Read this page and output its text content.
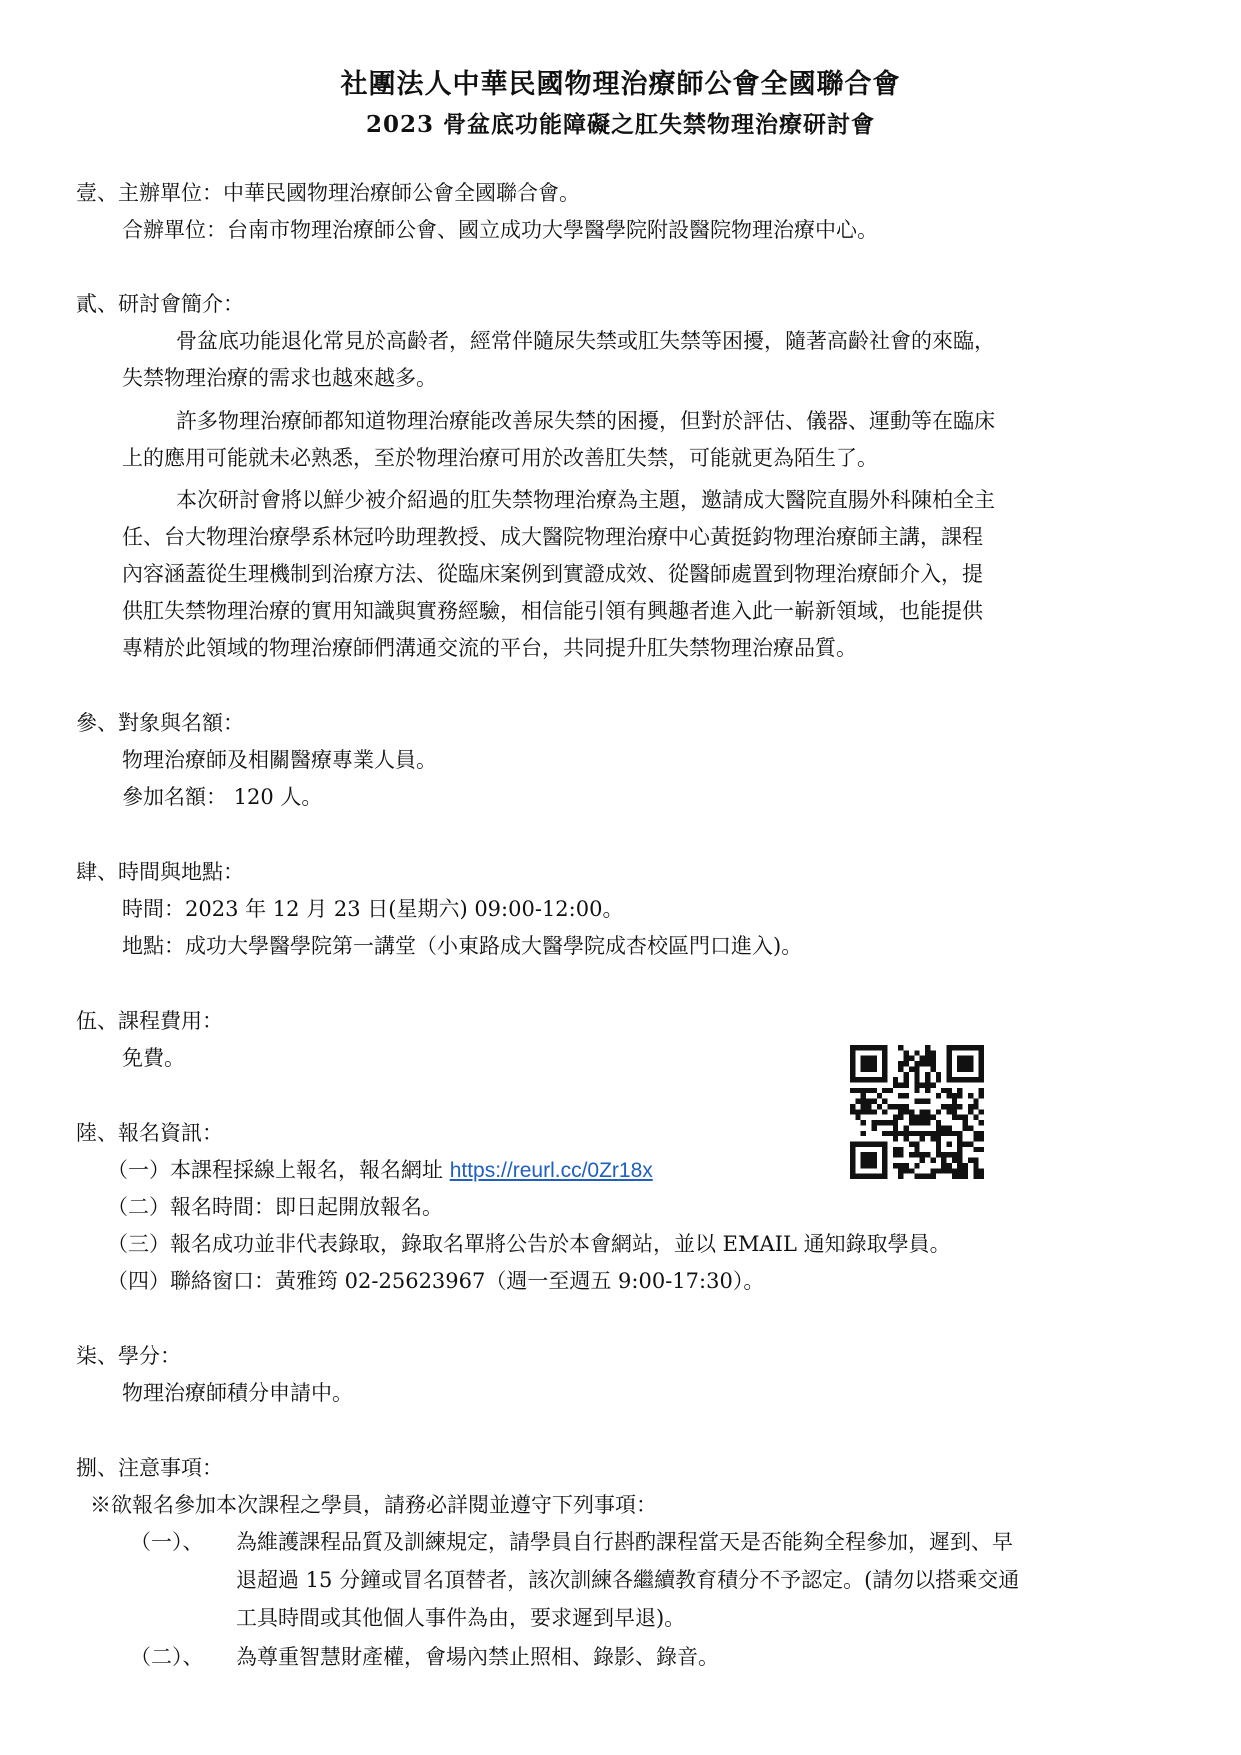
社團法人中華民國物理治療師公會全國聯合會
2023 骨盆底功能障礙之肛失禁物理治療研討會
壹、主辦單位：中華民國物理治療師公會全國聯合會。
合辦單位：台南市物理治療師公會、國立成功大學醫學院附設醫院物理治療中心。
貳、研討會簡介：
骨盆底功能退化常見於高齡者，經常伴隨尿失禁或肛失禁等困擾，隨著高齡社會的來臨，
失禁物理治療的需求也越來越多。
許多物理治療師都知道物理治療能改善尿失禁的困擾，但對於評估、儀器、運動等在臨床
上的應用可能就未必熟悉，至於物理治療可用於改善肛失禁，可能就更為陌生了。
本次研討會將以鮮少被介紹過的肛失禁物理治療為主題，邀請成大醫院直腸外科陳柏全主
任、台大物理治療學系林冠吟助理教授、成大醫院物理治療中心黃挺鈞物理治療師主講，課程
內容涵蓋從生理機制到治療方法、從臨床案例到實證成效、從醫師處置到物理治療師介入，提
供肛失禁物理治療的實用知識與實務經驗，相信能引領有興趣者進入此一嶄新領域，也能提供
專精於此領域的物理治療師們溝通交流的平台，共同提升肛失禁物理治療品質。
參、對象與名額：
物理治療師及相關醫療專業人員。
參加名額： 120 人。
肆、時間與地點：
時間：2023 年 12 月 23 日(星期六) 09:00-12:00。
地點：成功大學醫學院第一講堂（小東路成大醫學院成杏校區門口進入)。
伍、課程費用：
免費。
陸、報名資訊：
（一）本課程採線上報名，報名網址 https://reurl.cc/0Zr18x
（二）報名時間：即日起開放報名。
（三）報名成功並非代表錄取，錄取名單將公告於本會網站，並以 EMAIL 通知錄取學員。
（四）聯絡窗口：黃雅筠 02-25623967（週一至週五 9:00-17:30）。
柒、學分：
物理治療師積分申請中。
捌、注意事項：
※欲報名參加本次課程之學員，請務必詳閱並遵守下列事項：
（一）、 為維護課程品質及訓練規定，請學員自行斟酌課程當天是否能夠全程參加，遲到、早
退超過 15 分鐘或冒名頂替者，該次訓練各繼續教育積分不予認定。(請勿以搭乘交通
工具時間或其他個人事件為由，要求遲到早退)。
（二）、 為尊重智慧財產權，會場內禁止照相、錄影、錄音。
